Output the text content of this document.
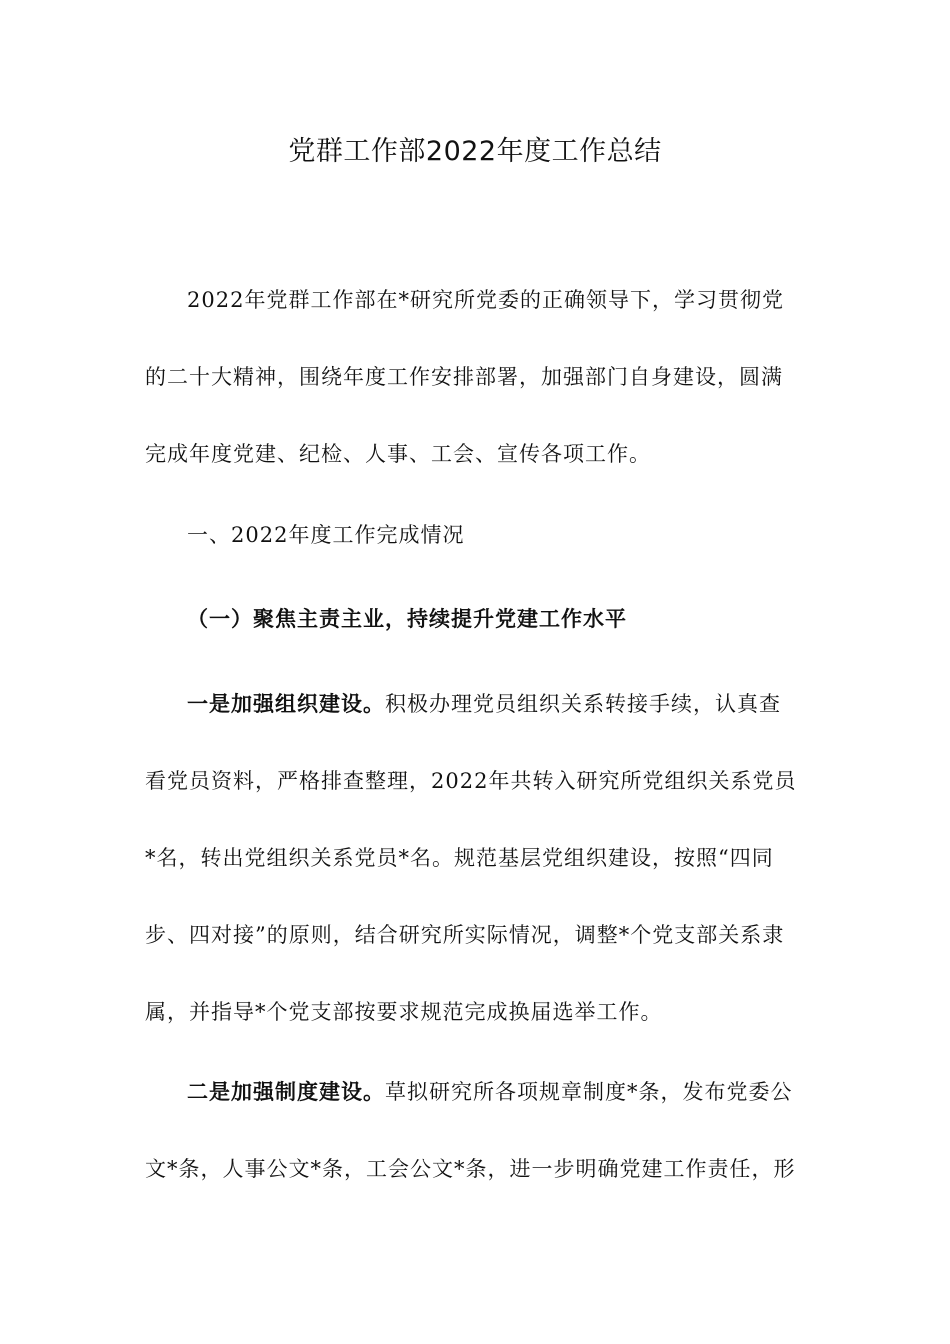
党群工作部2022年度工作总结
2022年党群工作部在*研究所党委的正确领导下，学习贯彻党
的二十大精神，围绕年度工作安排部署，加强部门自身建设，圆满
完成年度党建、纪检、人事、工会、宣传各项工作。
一、2022年度工作完成情况
（一）聚焦主责主业，持续提升党建工作水平
一是加强组织建设。积极办理党员组织关系转接手续，认真查
看党员资料，严格排查整理，2022年共转入研究所党组织关系党员
*名，转出党组织关系党员*名。规范基层党组织建设，按照“四同
步、四对接”的原则，结合研究所实际情况，调整*个党支部关系隶
属，并指导*个党支部按要求规范完成换届选举工作。
二是加强制度建设。草拟研究所各项规章制度*条，发布党委公
文*条，人事公文*条，工会公文*条，进一步明确党建工作责任，形
